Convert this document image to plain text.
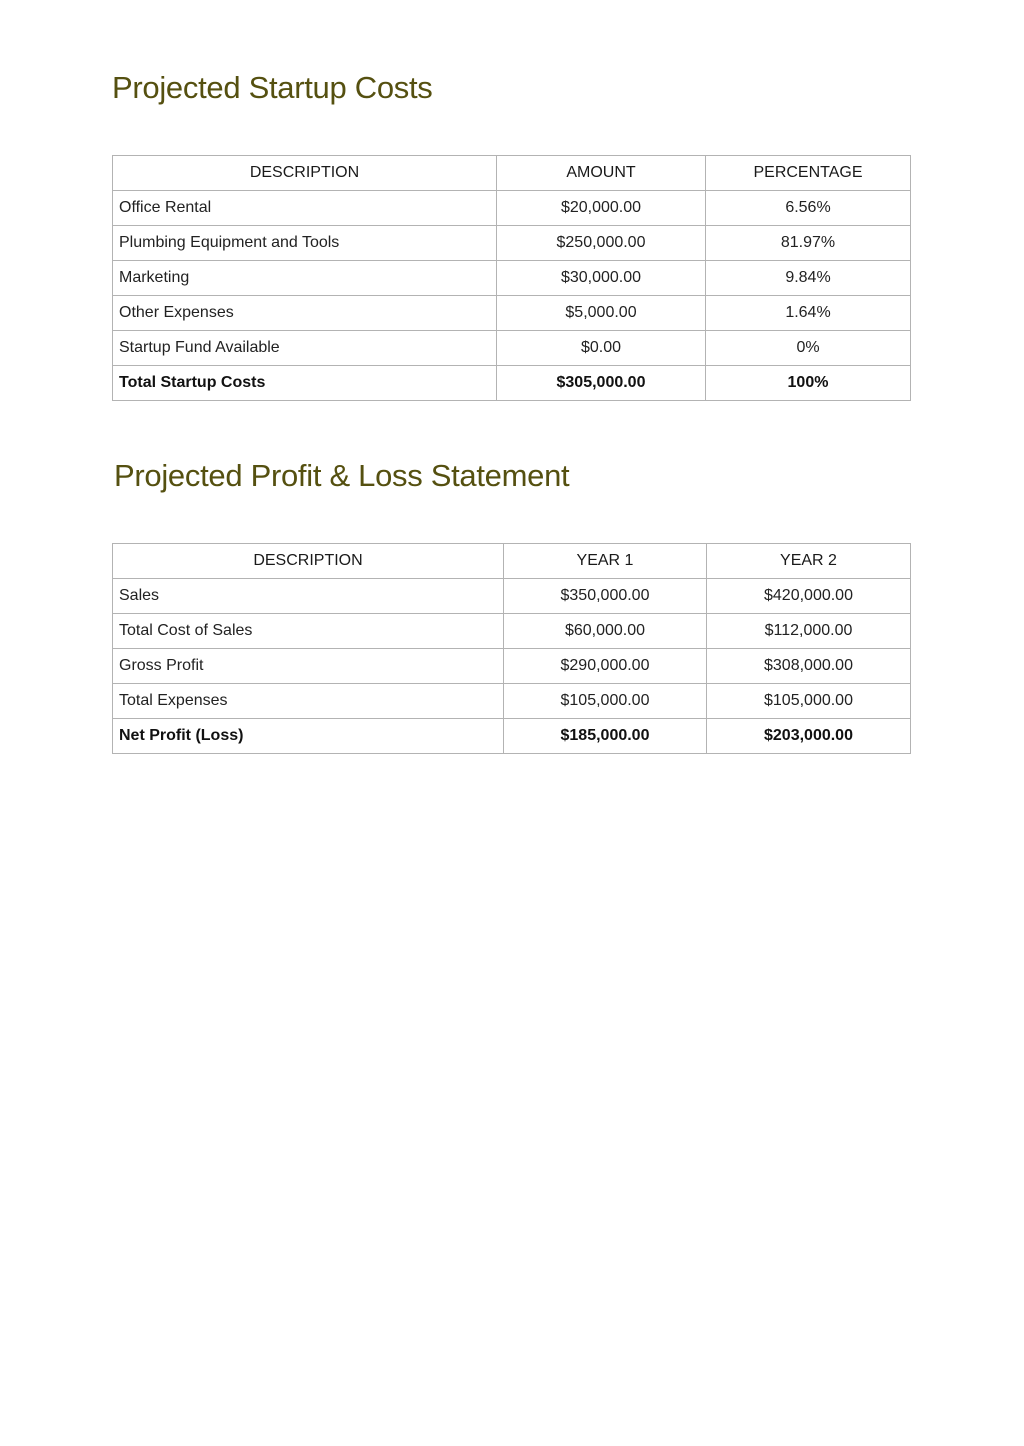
Projected Startup Costs
DESCRIPTION	AMOUNT	PERCENTAGE
Office Rental	$20,000.00	6.56%
Plumbing Equipment and Tools	$250,000.00	81.97%
Marketing	$30,000.00	9.84%
Other Expenses	$5,000.00	1.64%
Startup Fund Available	$0.00	0%
Total Startup Costs	$305,000.00	100%
Projected Profit & Loss Statement
DESCRIPTION	YEAR 1	YEAR 2
Sales	$350,000.00	$420,000.00
Total Cost of Sales	$60,000.00	$112,000.00
Gross Profit	$290,000.00	$308,000.00
Total Expenses	$105,000.00	$105,000.00
Net Profit (Loss)	$185,000.00	$203,000.00
